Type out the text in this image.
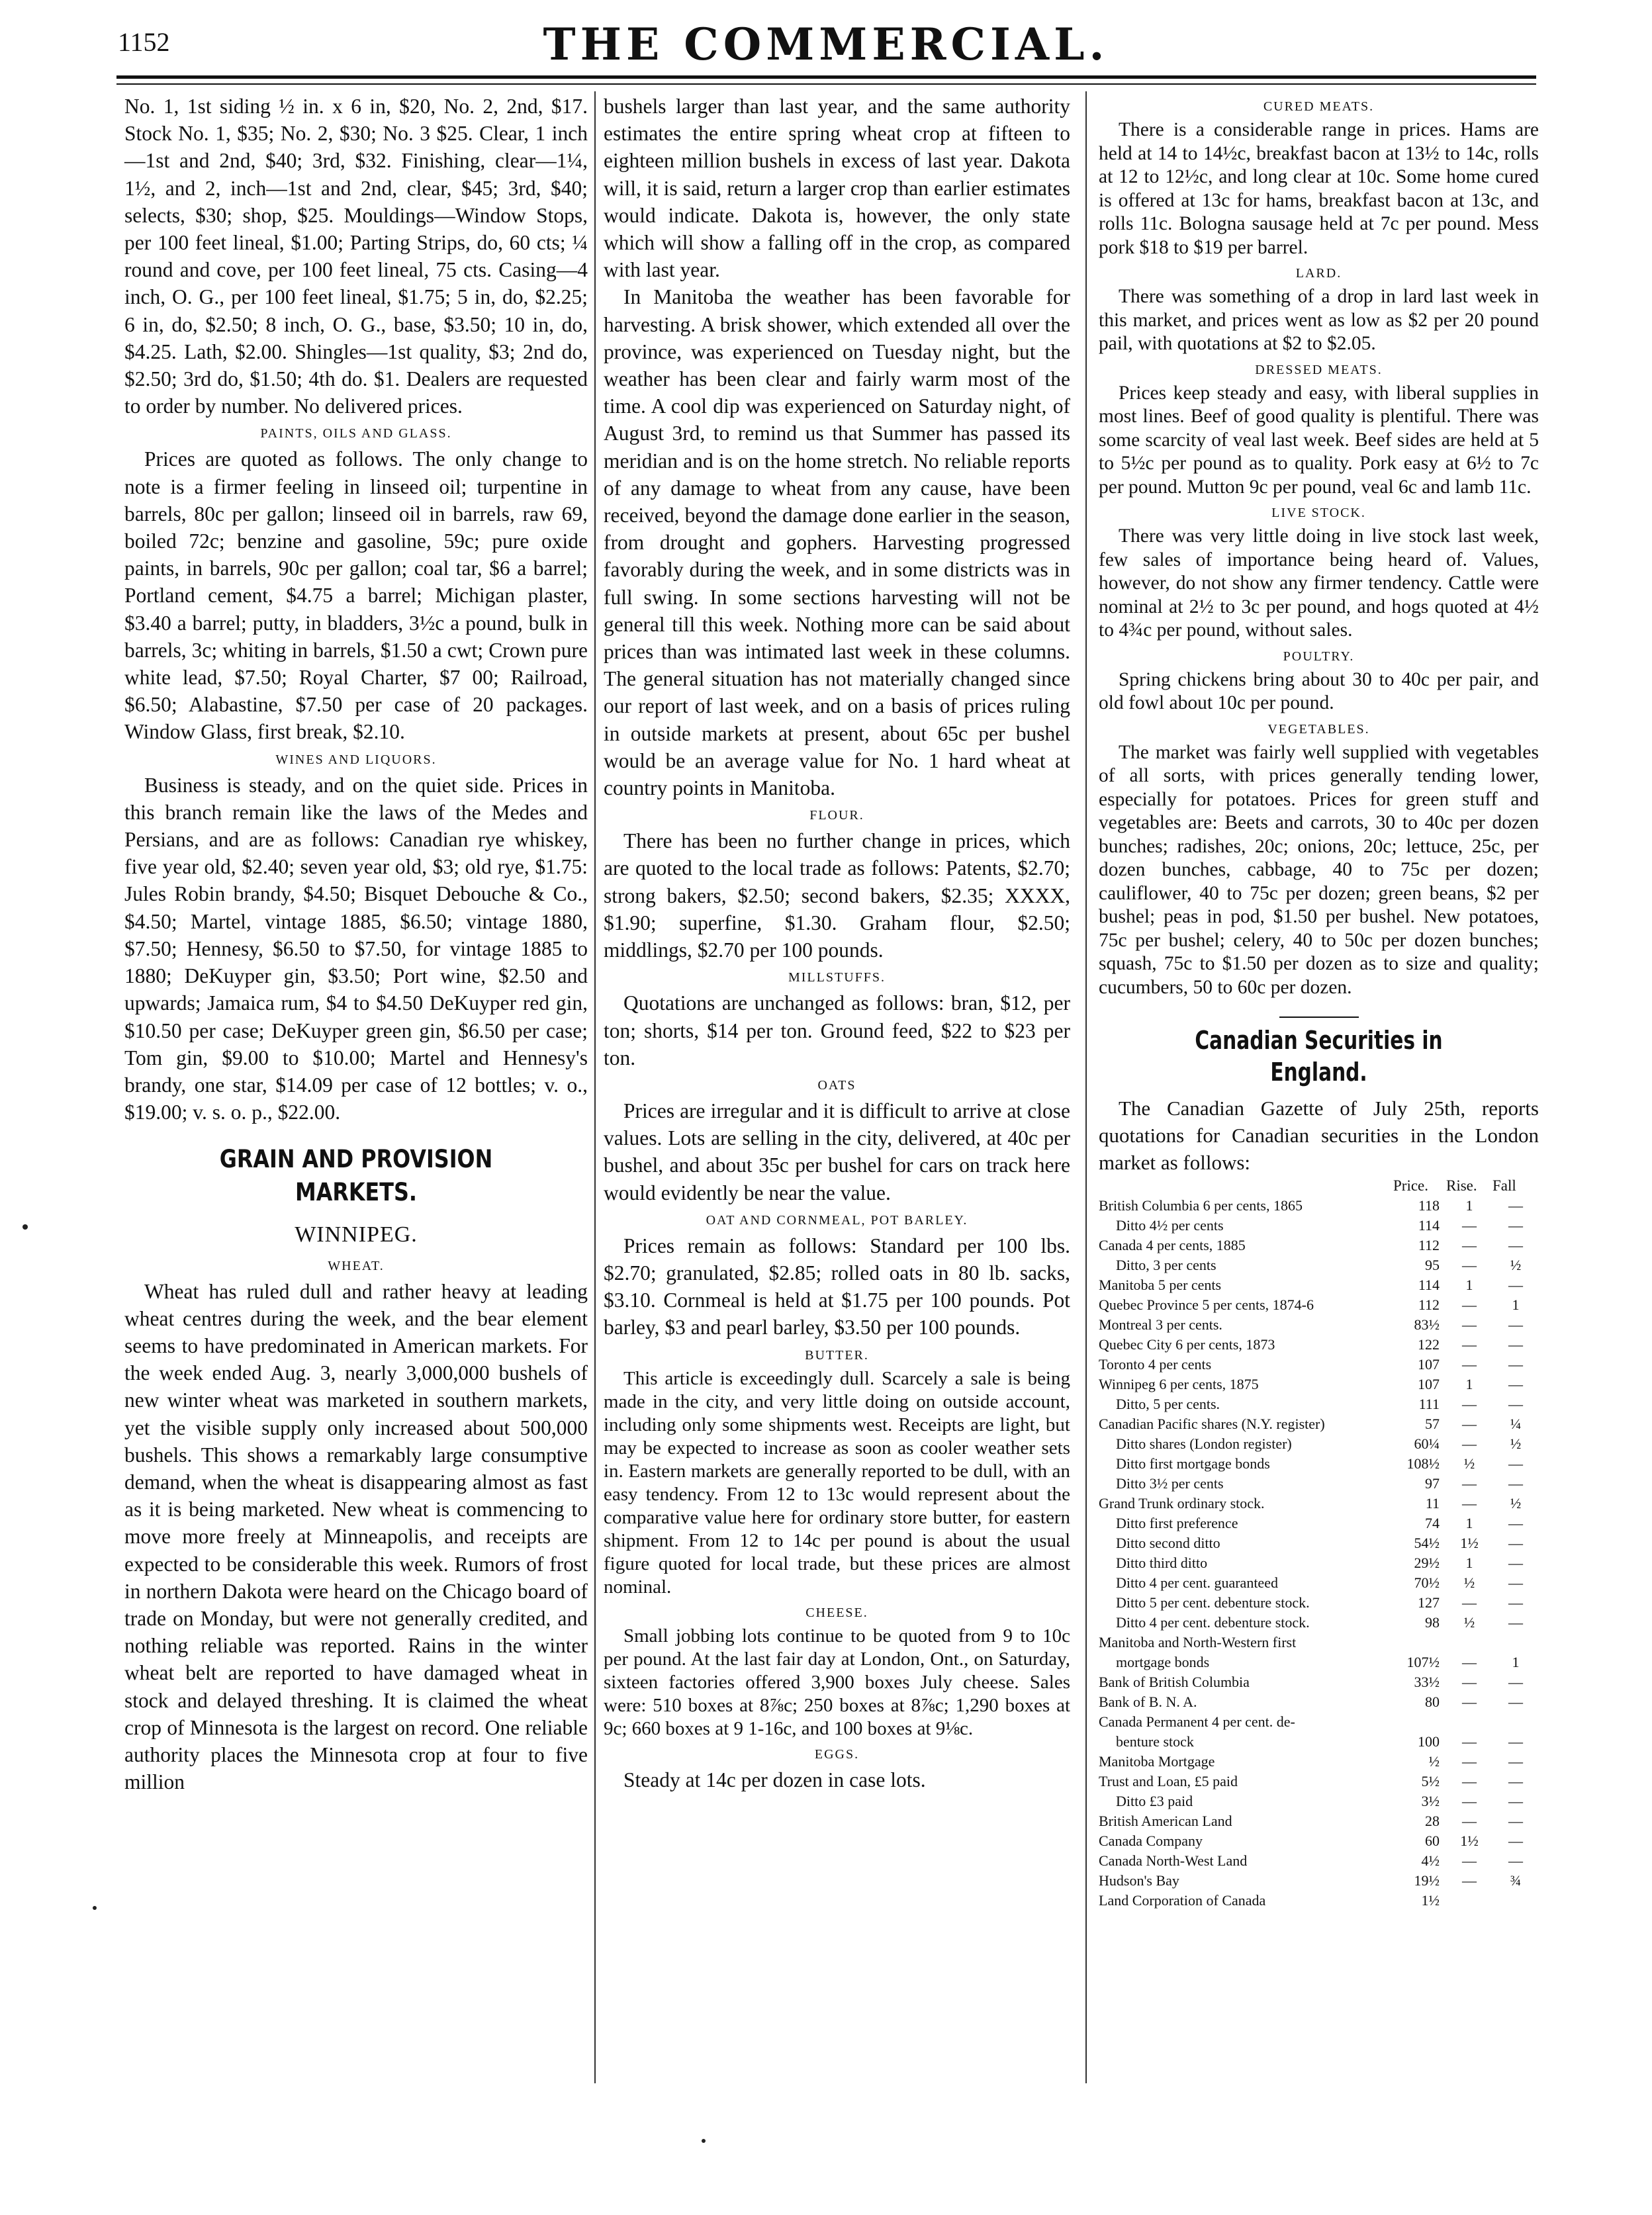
1152	THE COMMERCIAL.

No. 1, 1st siding ½ in. x 6 in, $20, No. 2, 2nd, $17. Stock No. 1, $35; No. 2, $30; No. 3 $25. Clear, 1 inch—1st and 2nd, $40; 3rd, $32. Finishing, clear—1¼, 1½, and 2, inch—1st and 2nd, clear, $45; 3rd, $40; selects, $30; shop, $25. Mouldings—Window Stops, per 100 feet lineal, $1.00; Parting Strips, do, 60 cts; ¼ round and cove, per 100 feet lineal, 75 cts. Casing—4 inch, O. G., per 100 feet lineal, $1.75; 5 in, do, $2.25; 6 in, do, $2.50; 8 inch, O. G., base, $3.50; 10 in, do, $4.25. Lath, $2.00. Shingles—1st quality, $3; 2nd do, $2.50; 3rd do, $1.50; 4th do. $1. Dealers are requested to order by number. No delivered prices.

PAINTS, OILS AND GLASS.

Prices are quoted as follows. The only change to note is a firmer feeling in linseed oil; turpentine in barrels, 80c per gallon; linseed oil in barrels, raw 69, boiled 72c; benzine and gasoline, 59c; pure oxide paints, in barrels, 90c per gallon; coal tar, $6 a barrel; Portland cement, $4.75 a barrel; Michigan plaster, $3.40 a barrel; putty, in bladders, 3½c a pound, bulk in barrels, 3c; whiting in barrels, $1.50 a cwt; Crown pure white lead, $7.50; Royal Charter, $7 00; Railroad, $6.50; Alabastine, $7.50 per case of 20 packages. Window Glass, first break, $2.10.

WINES AND LIQUORS.

Business is steady, and on the quiet side. Prices in this branch remain like the laws of the Medes and Persians, and are as follows: Canadian rye whiskey, five year old, $2.40; seven year old, $3; old rye, $1.75: Jules Robin brandy, $4.50; Bisquet Debouche & Co., $4.50; Martel, vintage 1885, $6.50; vintage 1880, $7.50; Hennesy, $6.50 to $7.50, for vintage 1885 to 1880; DeKuyper gin, $3.50; Port wine, $2.50 and upwards; Jamaica rum, $4 to $4.50 DeKuyper red gin, $10.50 per case; DeKuyper green gin, $6.50 per case; Tom gin, $9.00 to $10.00; Martel and Hennesy's brandy, one star, $14.09 per case of 12 bottles; v. o., $19.00; v. s. o. p., $22.00.

GRAIN AND PROVISION MARKETS.
WINNIPEG.
WHEAT.

Wheat has ruled dull and rather heavy at leading wheat centres during the week, and the bear element seems to have predominated in American markets. For the week ended Aug. 3, nearly 3,000,000 bushels of new winter wheat was marketed in southern markets, yet the visible supply only increased about 500,000 bushels. This shows a remarkably large consumptive demand, when the wheat is disappearing almost as fast as it is being marketed. New wheat is commencing to move more freely at Minneapolis, and receipts are expected to be considerable this week. Rumors of frost in northern Dakota were heard on the Chicago board of trade on Monday, but were not generally credited, and nothing reliable was reported. Rains in the winter wheat belt are reported to have damaged wheat in stock and delayed threshing. It is claimed the wheat crop of Minnesota is the largest on record. One reliable authority places the Minnesota crop at four to five million

bushels larger than last year, and the same authority estimates the entire spring wheat crop at fifteen to eighteen million bushels in excess of last year. Dakota will, it is said, return a larger crop than earlier estimates would indicate. Dakota is, however, the only state which will show a falling off in the crop, as compared with last year.

In Manitoba the weather has been favorable for harvesting. A brisk shower, which extended all over the province, was experienced on Tuesday night, but the weather has been clear and fairly warm most of the time. A cool dip was experienced on Saturday night, of August 3rd, to remind us that Summer has passed its meridian and is on the home stretch. No reliable reports of any damage to wheat from any cause, have been received, beyond the damage done earlier in the season, from drought and gophers. Harvesting progressed favorably during the week, and in some districts was in full swing. In some sections harvesting will not be general till this week. Nothing more can be said about prices than was intimated last week in these columns. The general situation has not materially changed since our report of last week, and on a basis of prices ruling in outside markets at present, about 65c per bushel would be an average value for No. 1 hard wheat at country points in Manitoba.

FLOUR.

There has been no further change in prices, which are quoted to the local trade as follows: Patents, $2.70; strong bakers, $2.50; second bakers, $2.35; XXXX, $1.90; superfine, $1.30. Graham flour, $2.50; middlings, $2.70 per 100 pounds.

MILLSTUFFS.

Quotations are unchanged as follows: bran, $12, per ton; shorts, $14 per ton. Ground feed, $22 to $23 per ton.

OATS

Prices are irregular and it is difficult to arrive at close values. Lots are selling in the city, delivered, at 40c per bushel, and about 35c per bushel for cars on track here would evidently be near the value.

OAT AND CORNMEAL, POT BARLEY.

Prices remain as follows: Standard per 100 lbs. $2.70; granulated, $2.85; rolled oats in 80 lb. sacks, $3.10. Cornmeal is held at $1.75 per 100 pounds. Pot barley, $3 and pearl barley, $3.50 per 100 pounds.

BUTTER.

This article is exceedingly dull. Scarcely a sale is being made in the city, and very little doing on outside account, including only some shipments west. Receipts are light, but may be expected to increase as soon as cooler weather sets in. Eastern markets are generally reported to be dull, with an easy tendency. From 12 to 13c would represent about the comparative value here for ordinary store butter, for eastern shipment. From 12 to 14c per pound is about the usual figure quoted for local trade, but these prices are almost nominal.

CHEESE.

Small jobbing lots continue to be quoted from 9 to 10c per pound. At the last fair day at London, Ont., on Saturday, sixteen factories offered 3,900 boxes July cheese. Sales were: 510 boxes at 8⅞c; 250 boxes at 8⅞c; 1,290 boxes at 9c; 660 boxes at 9 1-16c, and 100 boxes at 9⅛c.

EGGS.

Steady at 14c per dozen in case lots.

CURED MEATS.

There is a considerable range in prices. Hams are held at 14 to 14½c, breakfast bacon at 13½ to 14c, rolls at 12 to 12½c, and long clear at 10c. Some home cured is offered at 13c for hams, breakfast bacon at 13c, and rolls 11c. Bologna sausage held at 7c per pound. Mess pork $18 to $19 per barrel.

LARD.

There was something of a drop in lard last week in this market, and prices went as low as $2 per 20 pound pail, with quotations at $2 to $2.05.

DRESSED MEATS.

Prices keep steady and easy, with liberal supplies in most lines. Beef of good quality is plentiful. There was some scarcity of veal last week. Beef sides are held at 5 to 5½c per pound as to quality. Pork easy at 6½ to 7c per pound. Mutton 9c per pound, veal 6c and lamb 11c.

LIVE STOCK.

There was very little doing in live stock last week, few sales of importance being heard of. Values, however, do not show any firmer tendency. Cattle were nominal at 2½ to 3c per pound, and hogs quoted at 4½ to 4¾c per pound, without sales.

POULTRY.

Spring chickens bring about 30 to 40c per pair, and old fowl about 10c per pound.

VEGETABLES.

The market was fairly well supplied with vegetables of all sorts, with prices generally tending lower, especially for potatoes. Prices for green stuff and vegetables are: Beets and carrots, 30 to 40c per dozen bunches; radishes, 20c; onions, 20c; lettuce, 25c, per dozen bunches, cabbage, 40 to 75c per dozen; cauliflower, 40 to 75c per dozen; green beans, $2 per bushel; peas in pod, $1.50 per bushel. New potatoes, 75c per bushel; celery, 40 to 50c per dozen bunches; squash, 75c to $1.50 per dozen as to size and quality; cucumbers, 50 to 60c per dozen.

Canadian Securities in England.

The Canadian Gazette of July 25th, reports quotations for Canadian securities in the London market as follows:

	Price.	Rise.	Fall
British Columbia 6 per cents, 1865	118	1	—
Ditto 4½ per cents	114	—	—
Canada 4 per cents, 1885	112	—	—
Ditto, 3 per cents	95	—	½
Manitoba 5 per cents	114	1	—
Quebec Province 5 per cents, 1874-6	112	—	1
Montreal 3 per cents.	83½	—	—
Quebec City 6 per cents, 1873	122	—	—
Toronto 4 per cents	107	—	—
Winnipeg 6 per cents, 1875	107	1	—
Ditto, 5 per cents.	111	—	—
Canadian Pacific shares (N.Y. register)	57	—	¼
Ditto shares (London register)	60¼	—	½
Ditto first mortgage bonds	108½	½	—
Ditto 3½ per cents	97	—	—
Grand Trunk ordinary stock.	11	—	½
Ditto first preference	74	1	—
Ditto second ditto	54½	1½	—
Ditto third ditto	29½	1	—
Ditto 4 per cent. guaranteed	70½	½	—
Ditto 5 per cent. debenture stock.	127	—	—
Ditto 4 per cent. debenture stock.	98	½	—
Manitoba and North-Western first			
mortgage bonds	107½	—	1
Bank of British Columbia	33½	—	—
Bank of B. N. A.	80	—	—
Canada Permanent 4 per cent. de-			
benture stock	100	—	—
Manitoba Mortgage	½	—	—
Trust and Loan, £5 paid	5½	—	—
Ditto £3 paid	3½	—	—
British American Land	28	—	—
Canada Company	60	1½	—
Canada North-West Land	4½	—	—
Hudson's Bay	19½	—	¾
Land Corporation of Canada	1½		
